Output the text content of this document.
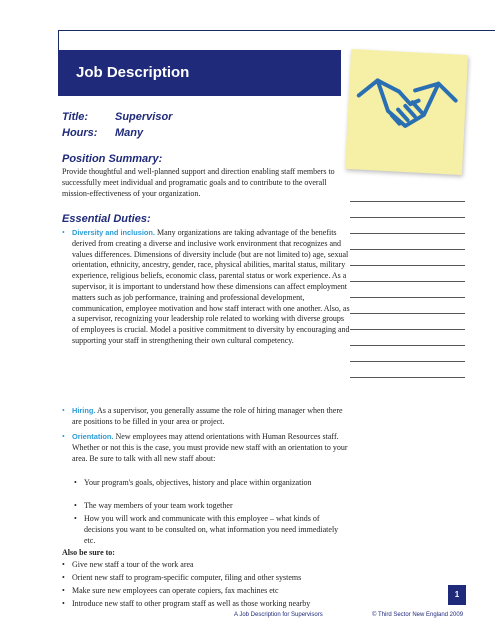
Job Description
Title: Supervisor
Hours: Many
Position Summary:
Provide thoughtful and well-planned support and direction enabling staff members to successfully meet individual and programatic goals and to contribute to the overall mission-effectiveness of your organization.
Essential Duties:
• Diversity and inclusion. Many organizations are taking advantage of the benefits derived from creating a diverse and inclusive work environment that recognizes and values differences. Dimensions of diversity include (but are not limited to) age, sexual orientation, ethnicity, ancestry, gender, race, physical abilities, marital status, military experience, religious beliefs, economic class, parental status or work experience. As a supervisor, it is important to understand how these dimensions can affect employment matters such as job performance, training and professional development, communication, employee motivation and how staff interact with one another. Also, as a supervisor, recognizing your leadership role related to working with diverse groups of employees is crucial. Model a positive commitment to diversity by encouraging and supporting your staff in strengthening their own cultural competency.
• Hiring. As a supervisor, you generally assume the role of hiring manager when there are positions to be filled in your area or project.
• Orientation. New employees may attend orientations with Human Resources staff. Whether or not this is the case, you must provide new staff with an orientation to your area. Be sure to talk with all new staff about:
• Your program's goals, objectives, history and place within organization
• The way members of your team work together
• How you will work and communicate with this employee – what kinds of decisions you want to be consulted on, what information you need immediately etc.
Also be sure to:
• Give new staff a tour of the work area
• Orient new staff to program-specific computer, filing and other systems
• Make sure new employees can operate copiers, fax machines etc
• Introduce new staff to other program staff as well as those working nearby
1
A Job Description for Supervisors	© Third Sector New England 2009
